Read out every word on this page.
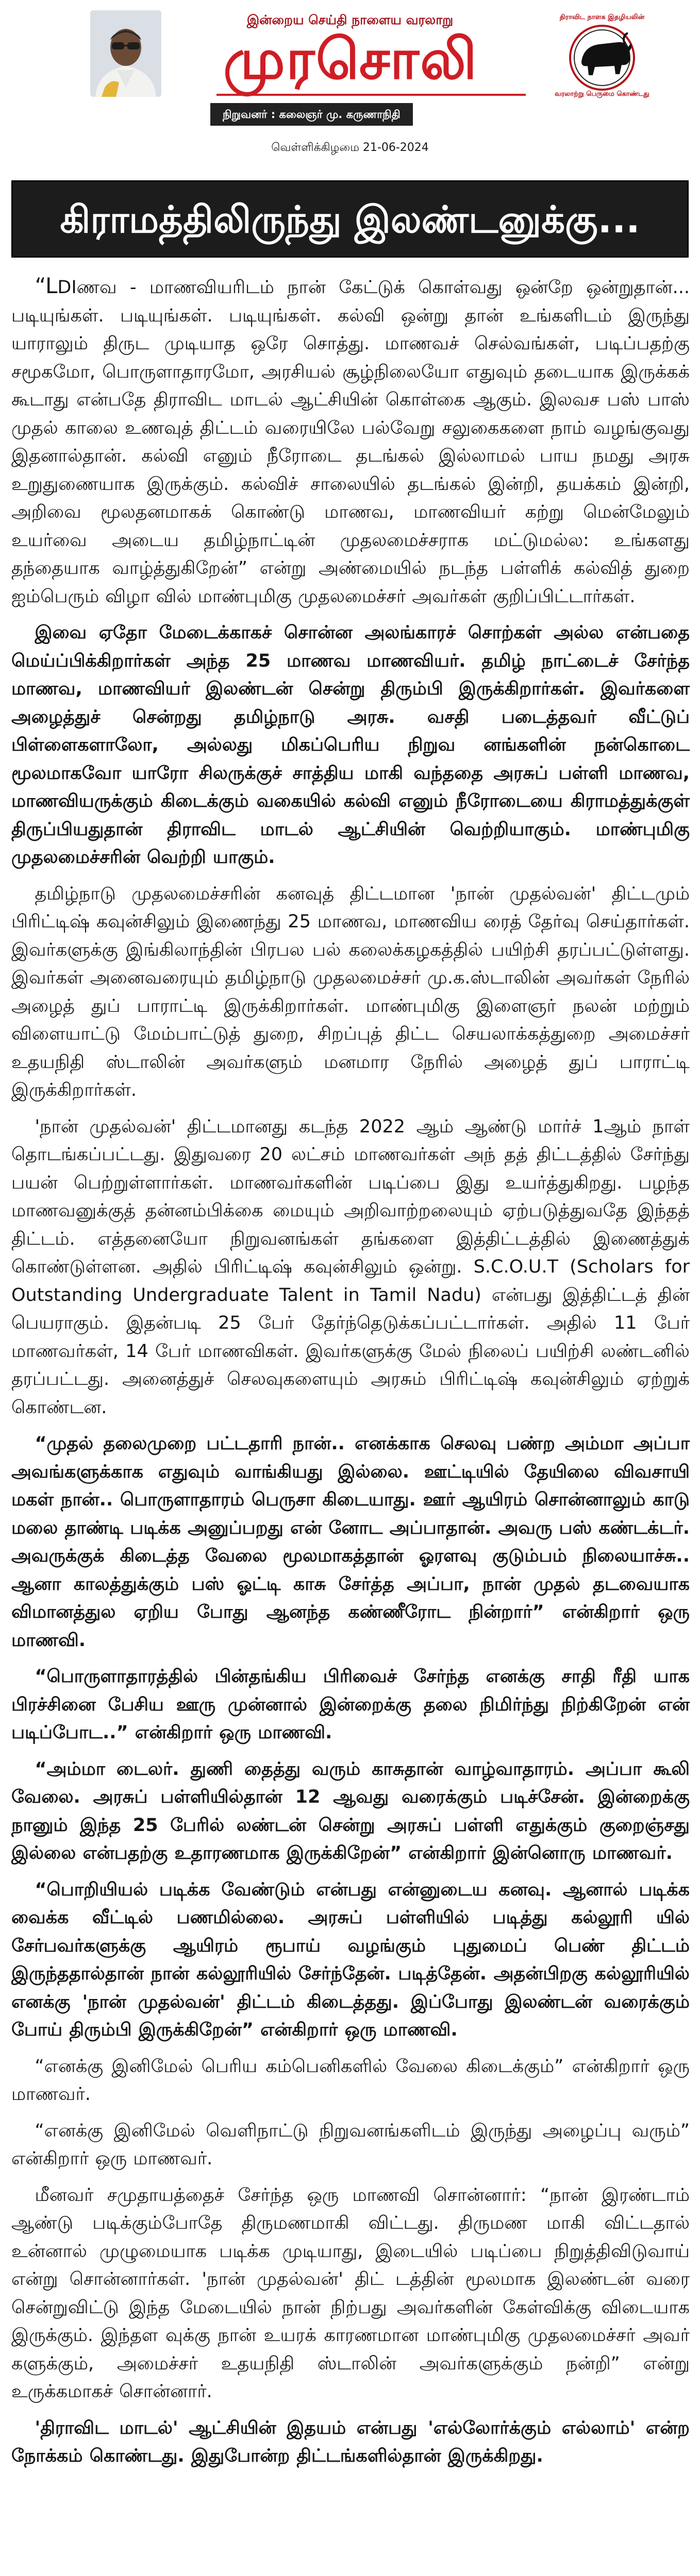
இன்றைய செய்தி நாளைய வரலாறு
முரசொலி
நிறுவனர் : கலைஞர் மு. கருணாநிதி
திராவிட நாளக இதழியலின்
வரலாற்று பெருமை கொண்டது
வெள்ளிக்கிழமை 21-06-2024
கிராமத்திலிருந்து இலண்டனுக்கு...

“LDIணவ - மாணவியரிடம் நான் கேட்டுக் கொள்வது ஒன்றே ஒன்றுதான்... படியுங்கள். படியுங்கள். படியுங்கள். கல்வி ஒன்று தான் உங்களிடம் இருந்து யாராலும் திருட முடியாத ஒரே சொத்து. மாணவச் செல்வங்கள், படிப்பதற்கு சமூகமோ, பொருளாதாரமோ, அரசியல் சூழ்நிலையோ எதுவும் தடையாக இருக்கக் கூடாது என்பதே திராவிட மாடல் ஆட்சியின் கொள்கை ஆகும். இலவச பஸ் பாஸ் முதல் காலை உணவுத் திட்டம் வரையிலே பல்வேறு சலுகைகளை நாம் வழங்குவது இதனால்தான். கல்வி எனும் நீரோடை தடங்கல் இல்லாமல் பாய நமது அரசு உறுதுணையாக இருக்கும். கல்விச் சாலையில் தடங்கல் இன்றி, தயக்கம் இன்றி, அறிவை மூலதனமாகக் கொண்டு மாணவ, மாணவியர் கற்று மென்மேலும் உயர்வை அடைய தமிழ்நாட்டின் முதலமைச்சராக மட்டுமல்ல: உங்களது தந்தையாக வாழ்த்துகிறேன்” என்று அண்மையில் நடந்த பள்ளிக் கல்வித் துறை ஐம்பெரும் விழா வில் மாண்புமிகு முதலமைச்சர் அவர்கள் குறிப்பிட்டார்கள்.

இவை ஏதோ மேடைக்காகச் சொன்ன அலங்காரச் சொற்கள் அல்ல என்பதை மெய்ப்பிக்கிறார்கள் அந்த 25 மாணவ மாணவியர். தமிழ் நாட்டைச் சேர்ந்த மாணவ, மாணவியர் இலண்டன் சென்று திரும்பி இருக்கிறார்கள். இவர்களை அழைத்துச் சென்றது தமிழ்நாடு அரசு. வசதி படைத்தவர் வீட்டுப் பிள்ளைகளாலோ, அல்லது மிகப்பெரிய நிறுவ னங்களின் நன்கொடை மூலமாகவோ யாரோ சிலருக்குச் சாத்திய மாகி வந்ததை அரசுப் பள்ளி மாணவ, மாணவியருக்கும் கிடைக்கும் வகையில் கல்வி எனும் நீரோடையை கிராமத்துக்குள் திருப்பியதுதான் திராவிட மாடல் ஆட்சியின் வெற்றியாகும். மாண்புமிகு முதலமைச்சரின் வெற்றி யாகும்.

தமிழ்நாடு முதலமைச்சரின் கனவுத் திட்டமான 'நான் முதல்வன்' திட்டமும் பிரிட்டிஷ் கவுன்சிலும் இணைந்து 25 மாணவ, மாணவிய ரைத் தேர்வு செய்தார்கள். இவர்களுக்கு இங்கிலாந்தின் பிரபல பல் கலைக்கழகத்தில் பயிற்சி தரப்பட்டுள்ளது. இவர்கள் அனைவரையும் தமிழ்நாடு முதலமைச்சர் மு.க.ஸ்டாலின் அவர்கள் நேரில் அழைத் துப் பாராட்டி இருக்கிறார்கள். மாண்புமிகு இளைஞர் நலன் மற்றும் விளையாட்டு மேம்பாட்டுத் துறை, சிறப்புத் திட்ட செயலாக்கத்துறை அமைச்சர் உதயநிதி ஸ்டாலின் அவர்களும் மனமார நேரில் அழைத் துப் பாராட்டி இருக்கிறார்கள்.

'நான் முதல்வன்' திட்டமானது கடந்த 2022 ஆம் ஆண்டு மார்ச் 1ஆம் நாள் தொடங்கப்பட்டது. இதுவரை 20 லட்சம் மாணவர்கள் அந் தத் திட்டத்தில் சேர்ந்து பயன் பெற்றுள்ளார்கள். மாணவர்களின் படிப்பை இது உயர்த்துகிறது. பழந்த மாணவனுக்குத் தன்னம்பிக்கை மையும் அறிவாற்றலையும் ஏற்படுத்துவதே இந்தத் திட்டம். எத்தனையோ நிறுவனங்கள் தங்களை இத்திட்டத்தில் இணைத்துக் கொண்டுள்ளன. அதில் பிரிட்டிஷ் கவுன்சிலும் ஒன்று. S.C.O.U.T (Scholars for Outstanding Undergraduate Talent in Tamil Nadu) என்பது இத்திட்டத் தின் பெயராகும். இதன்படி 25 பேர் தேர்ந்தெடுக்கப்பட்டார்கள். அதில் 11 பேர் மாணவர்கள், 14 பேர் மாணவிகள். இவர்களுக்கு மேல் நிலைப் பயிற்சி லண்டனில் தரப்பட்டது. அனைத்துச் செலவுகளையும் அரசும் பிரிட்டிஷ் கவுன்சிலும் ஏற்றுக் கொண்டன.

“முதல் தலைமுறை பட்டதாரி நான்.. எனக்காக செலவு பண்ற அம்மா அப்பா அவங்களுக்காக எதுவும் வாங்கியது இல்லை. ஊட்டியில் தேயிலை விவசாயி மகள் நான்.. பொருளாதாரம் பெருசா கிடையாது. ஊர் ஆயிரம் சொன்னாலும் காடு மலை தாண்டி படிக்க அனுப்பறது என் னோட அப்பாதான். அவரு பஸ் கண்டக்டர். அவருக்குக் கிடைத்த வேலை மூலமாகத்தான் ஓரளவு குடும்பம் நிலையாச்சு.. ஆனா காலத்துக்கும் பஸ் ஓட்டி காசு சேர்த்த அப்பா, நான் முதல் தடவையாக விமானத்துல ஏறிய போது ஆனந்த கண்ணீரோட நின்றார்” என்கிறார் ஒரு மாணவி.

“பொருளாதாரத்தில் பின்தங்கிய பிரிவைச் சேர்ந்த எனக்கு சாதி ரீதி யாக பிரச்சினை பேசிய ஊரு முன்னால் இன்றைக்கு தலை நிமிர்ந்து நிற்கிறேன் என் படிப்போட..” என்கிறார் ஒரு மாணவி.

“அம்மா டைலர். துணி தைத்து வரும் காசுதான் வாழ்வாதாரம். அப்பா கூலி வேலை. அரசுப் பள்ளியில்தான் 12 ஆவது வரைக்கும் படிச்சேன். இன்றைக்கு நானும் இந்த 25 பேரில் லண்டன் சென்று அரசுப் பள்ளி எதுக்கும் குறைஞ்சது இல்லை என்பதற்கு உதாரணமாக இருக்கிறேன்” என்கிறார் இன்னொரு மாணவர்.

“பொறியியல் படிக்க வேண்டும் என்பது என்னுடைய கனவு. ஆனால் படிக்க வைக்க வீட்டில் பணமில்லை. அரசுப் பள்ளியில் படித்து கல்லூரி யில் சேர்பவர்களுக்கு ஆயிரம் ரூபாய் வழங்கும் புதுமைப் பெண் திட்டம் இருந்ததால்தான் நான் கல்லூரியில் சேர்ந்தேன். படித்தேன். அதன்பிறகு கல்லூரியில் எனக்கு 'நான் முதல்வன்' திட்டம் கிடைத்தது. இப்போது இலண்டன் வரைக்கும் போய் திரும்பி இருக்கிறேன்” என்கிறார் ஒரு மாணவி.

“எனக்கு இனிமேல் பெரிய கம்பெனிகளில் வேலை கிடைக்கும்” என்கிறார் ஒரு மாணவர்.

“எனக்கு இனிமேல் வெளிநாட்டு நிறுவனங்களிடம் இருந்து அழைப்பு வரும்” என்கிறார் ஒரு மாணவர்.

மீனவர் சமுதாயத்தைச் சேர்ந்த ஒரு மாணவி சொன்னார்: “நான் இரண்டாம் ஆண்டு படிக்கும்போதே திருமணமாகி விட்டது. திருமண மாகி விட்டதால் உன்னால் முழுமையாக படிக்க முடியாது, இடையில் படிப்பை நிறுத்திவிடுவாய் என்று சொன்னார்கள். 'நான் முதல்வன்' திட் டத்தின் மூலமாக இலண்டன் வரை சென்றுவிட்டு இந்த மேடையில் நான் நிற்பது அவர்களின் கேள்விக்கு விடையாக இருக்கும். இந்தள வுக்கு நான் உயரக் காரணமான மாண்புமிகு முதலமைச்சர் அவர் களுக்கும், அமைச்சர் உதயநிதி ஸ்டாலின் அவர்களுக்கும் நன்றி” என்று உருக்கமாகச் சொன்னார்.

'திராவிட மாடல்' ஆட்சியின் இதயம் என்பது 'எல்லோர்க்கும் எல்லாம்' என்ற நோக்கம் கொண்டது. இதுபோன்ற திட்டங்களில்தான் இருக்கிறது.
